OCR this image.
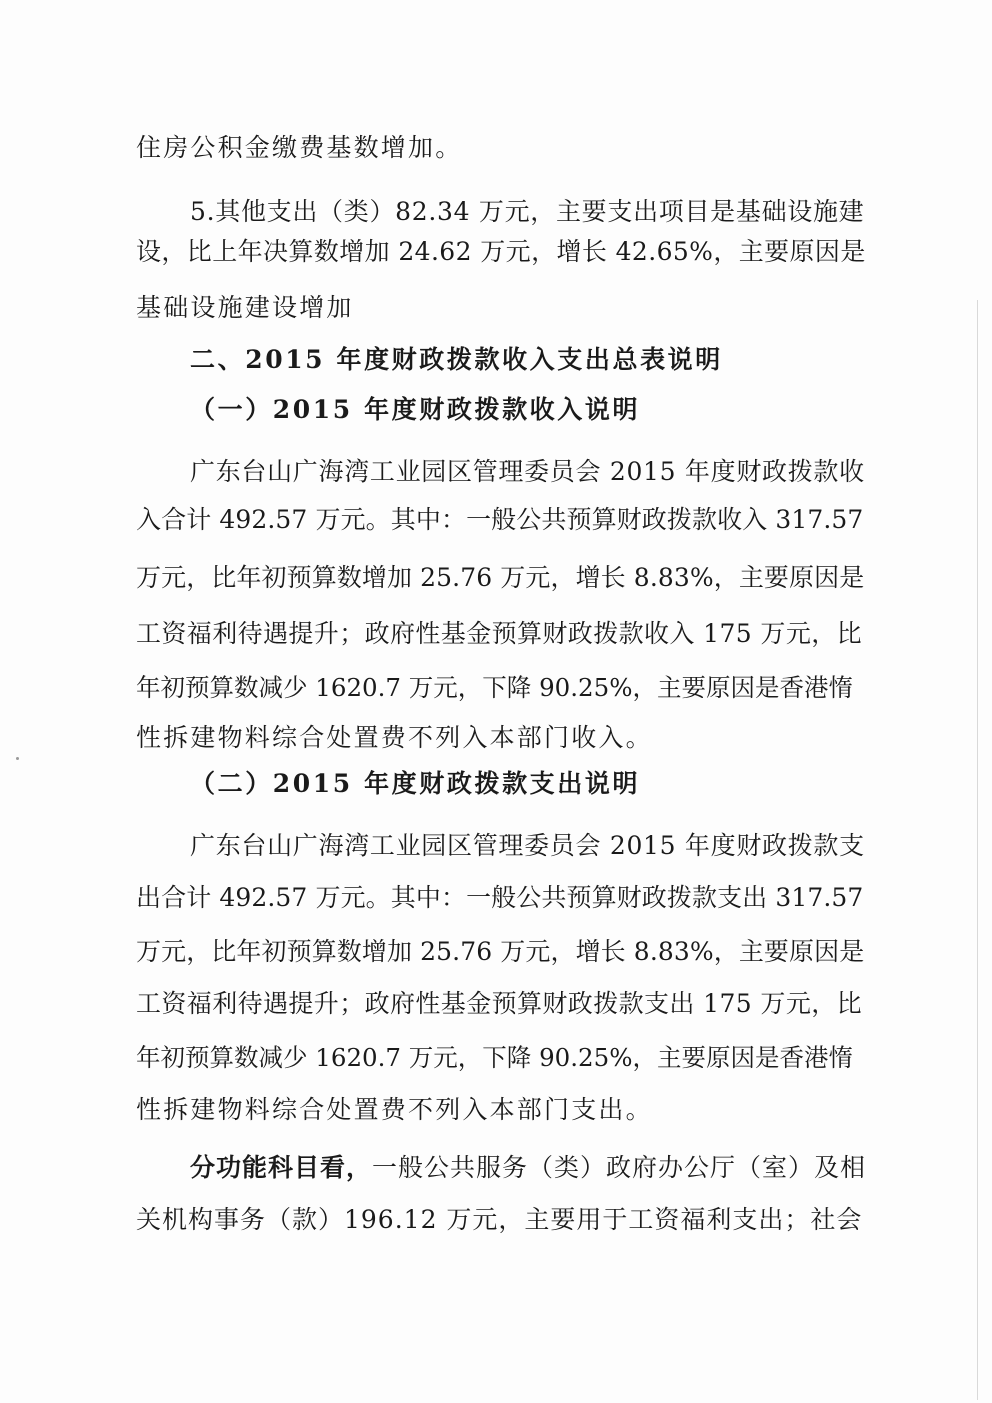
住房公积金缴费基数增加。
5.其他支出（类）82.34 万元，主要支出项目是基础设施建
设，比上年决算数增加 24.62 万元，增长 42.65%，主要原因是
基础设施建设增加
二、2015 年度财政拨款收入支出总表说明
（一）2015 年度财政拨款收入说明
广东台山广海湾工业园区管理委员会 2015 年度财政拨款收
入合计 492.57 万元。其中：一般公共预算财政拨款收入 317.57
万元，比年初预算数增加 25.76 万元，增长 8.83%，主要原因是
工资福利待遇提升；政府性基金预算财政拨款收入 175 万元，比
年初预算数减少 1620.7 万元，下降 90.25%，主要原因是香港惰
性拆建物料综合处置费不列入本部门收入。
（二）2015 年度财政拨款支出说明
广东台山广海湾工业园区管理委员会 2015 年度财政拨款支
出合计 492.57 万元。其中：一般公共预算财政拨款支出 317.57
万元，比年初预算数增加 25.76 万元，增长 8.83%，主要原因是
工资福利待遇提升；政府性基金预算财政拨款支出 175 万元，比
年初预算数减少 1620.7 万元，下降 90.25%，主要原因是香港惰
性拆建物料综合处置费不列入本部门支出。
分功能科目看，一般公共服务（类）政府办公厅（室）及相
关机构事务（款）196.12 万元，主要用于工资福利支出；社会
